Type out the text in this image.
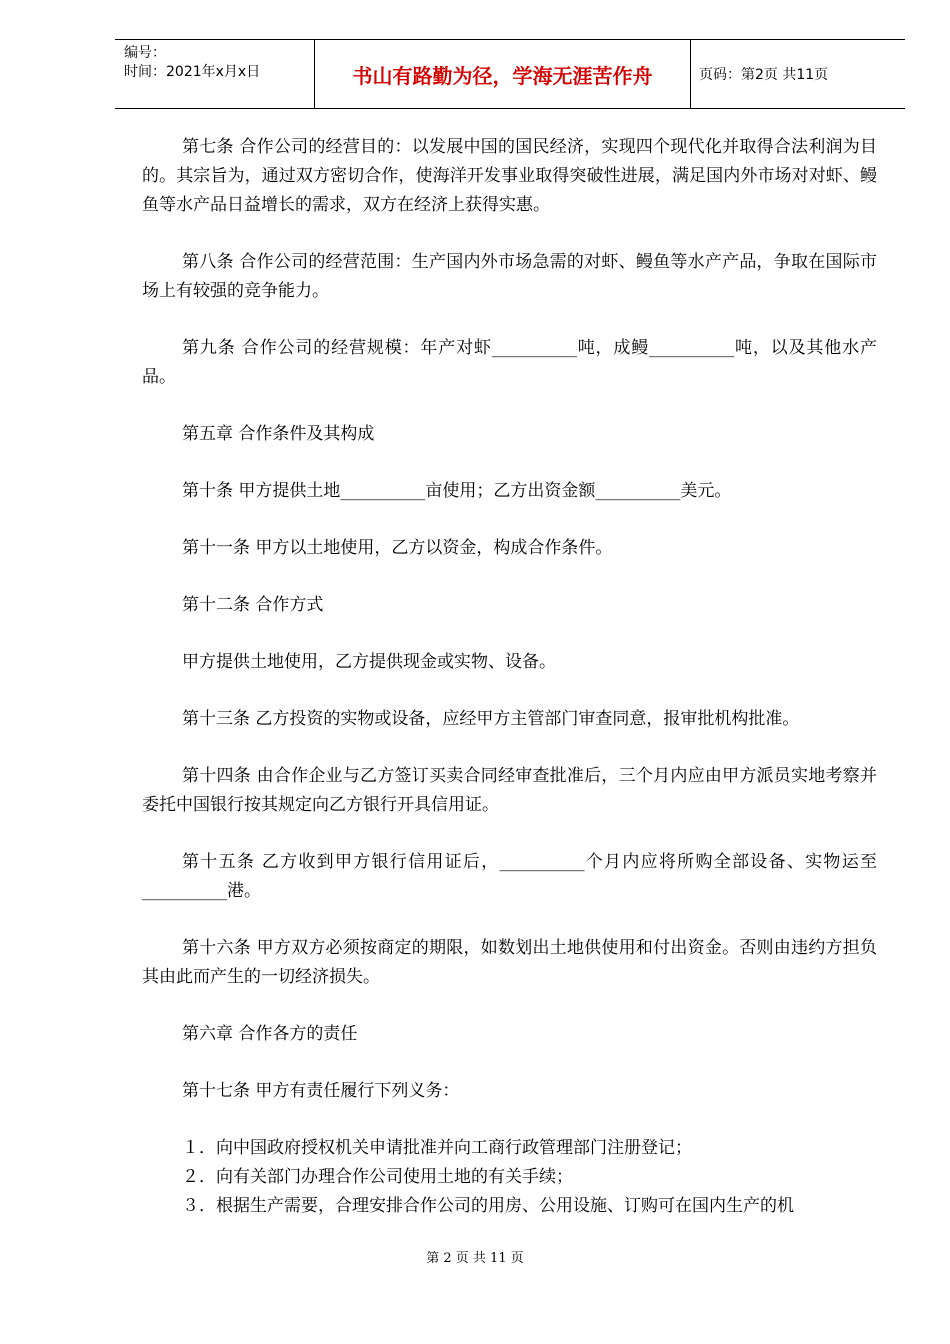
编号：
时间：2021年x月x日	书山有路勤为径，学海无涯苦作舟	页码：第2页 共11页

第七条 合作公司的经营目的：以发展中国的国民经济，实现四个现代化并取得合法利润为目的。其宗旨为，通过双方密切合作，使海洋开发事业取得突破性进展，满足国内外市场对对虾、鳗鱼等水产品日益增长的需求，双方在经济上获得实惠。

第八条 合作公司的经营范围：生产国内外市场急需的对虾、鳗鱼等水产产品，争取在国际市场上有较强的竞争能力。

第九条 合作公司的经营规模：年产对虾__________吨，成鳗__________吨，以及其他水产品。

第五章 合作条件及其构成

第十条 甲方提供土地__________亩使用；乙方出资金额__________美元。

第十一条 甲方以土地使用，乙方以资金，构成合作条件。

第十二条 合作方式

甲方提供土地使用，乙方提供现金或实物、设备。

第十三条 乙方投资的实物或设备，应经甲方主管部门审查同意，报审批机构批准。

第十四条 由合作企业与乙方签订买卖合同经审查批准后，三个月内应由甲方派员实地考察并委托中国银行按其规定向乙方银行开具信用证。

第十五条 乙方收到甲方银行信用证后，__________个月内应将所购全部设备、实物运至__________港。

第十六条 甲方双方必须按商定的期限，如数划出土地供使用和付出资金。否则由违约方担负其由此而产生的一切经济损失。

第六章 合作各方的责任

第十七条 甲方有责任履行下列义务：

１．向中国政府授权机关申请批准并向工商行政管理部门注册登记；

２．向有关部门办理合作公司使用土地的有关手续；

３．根据生产需要，合理安排合作公司的用房、公用设施、订购可在国内生产的机

第 2 页 共 11 页
